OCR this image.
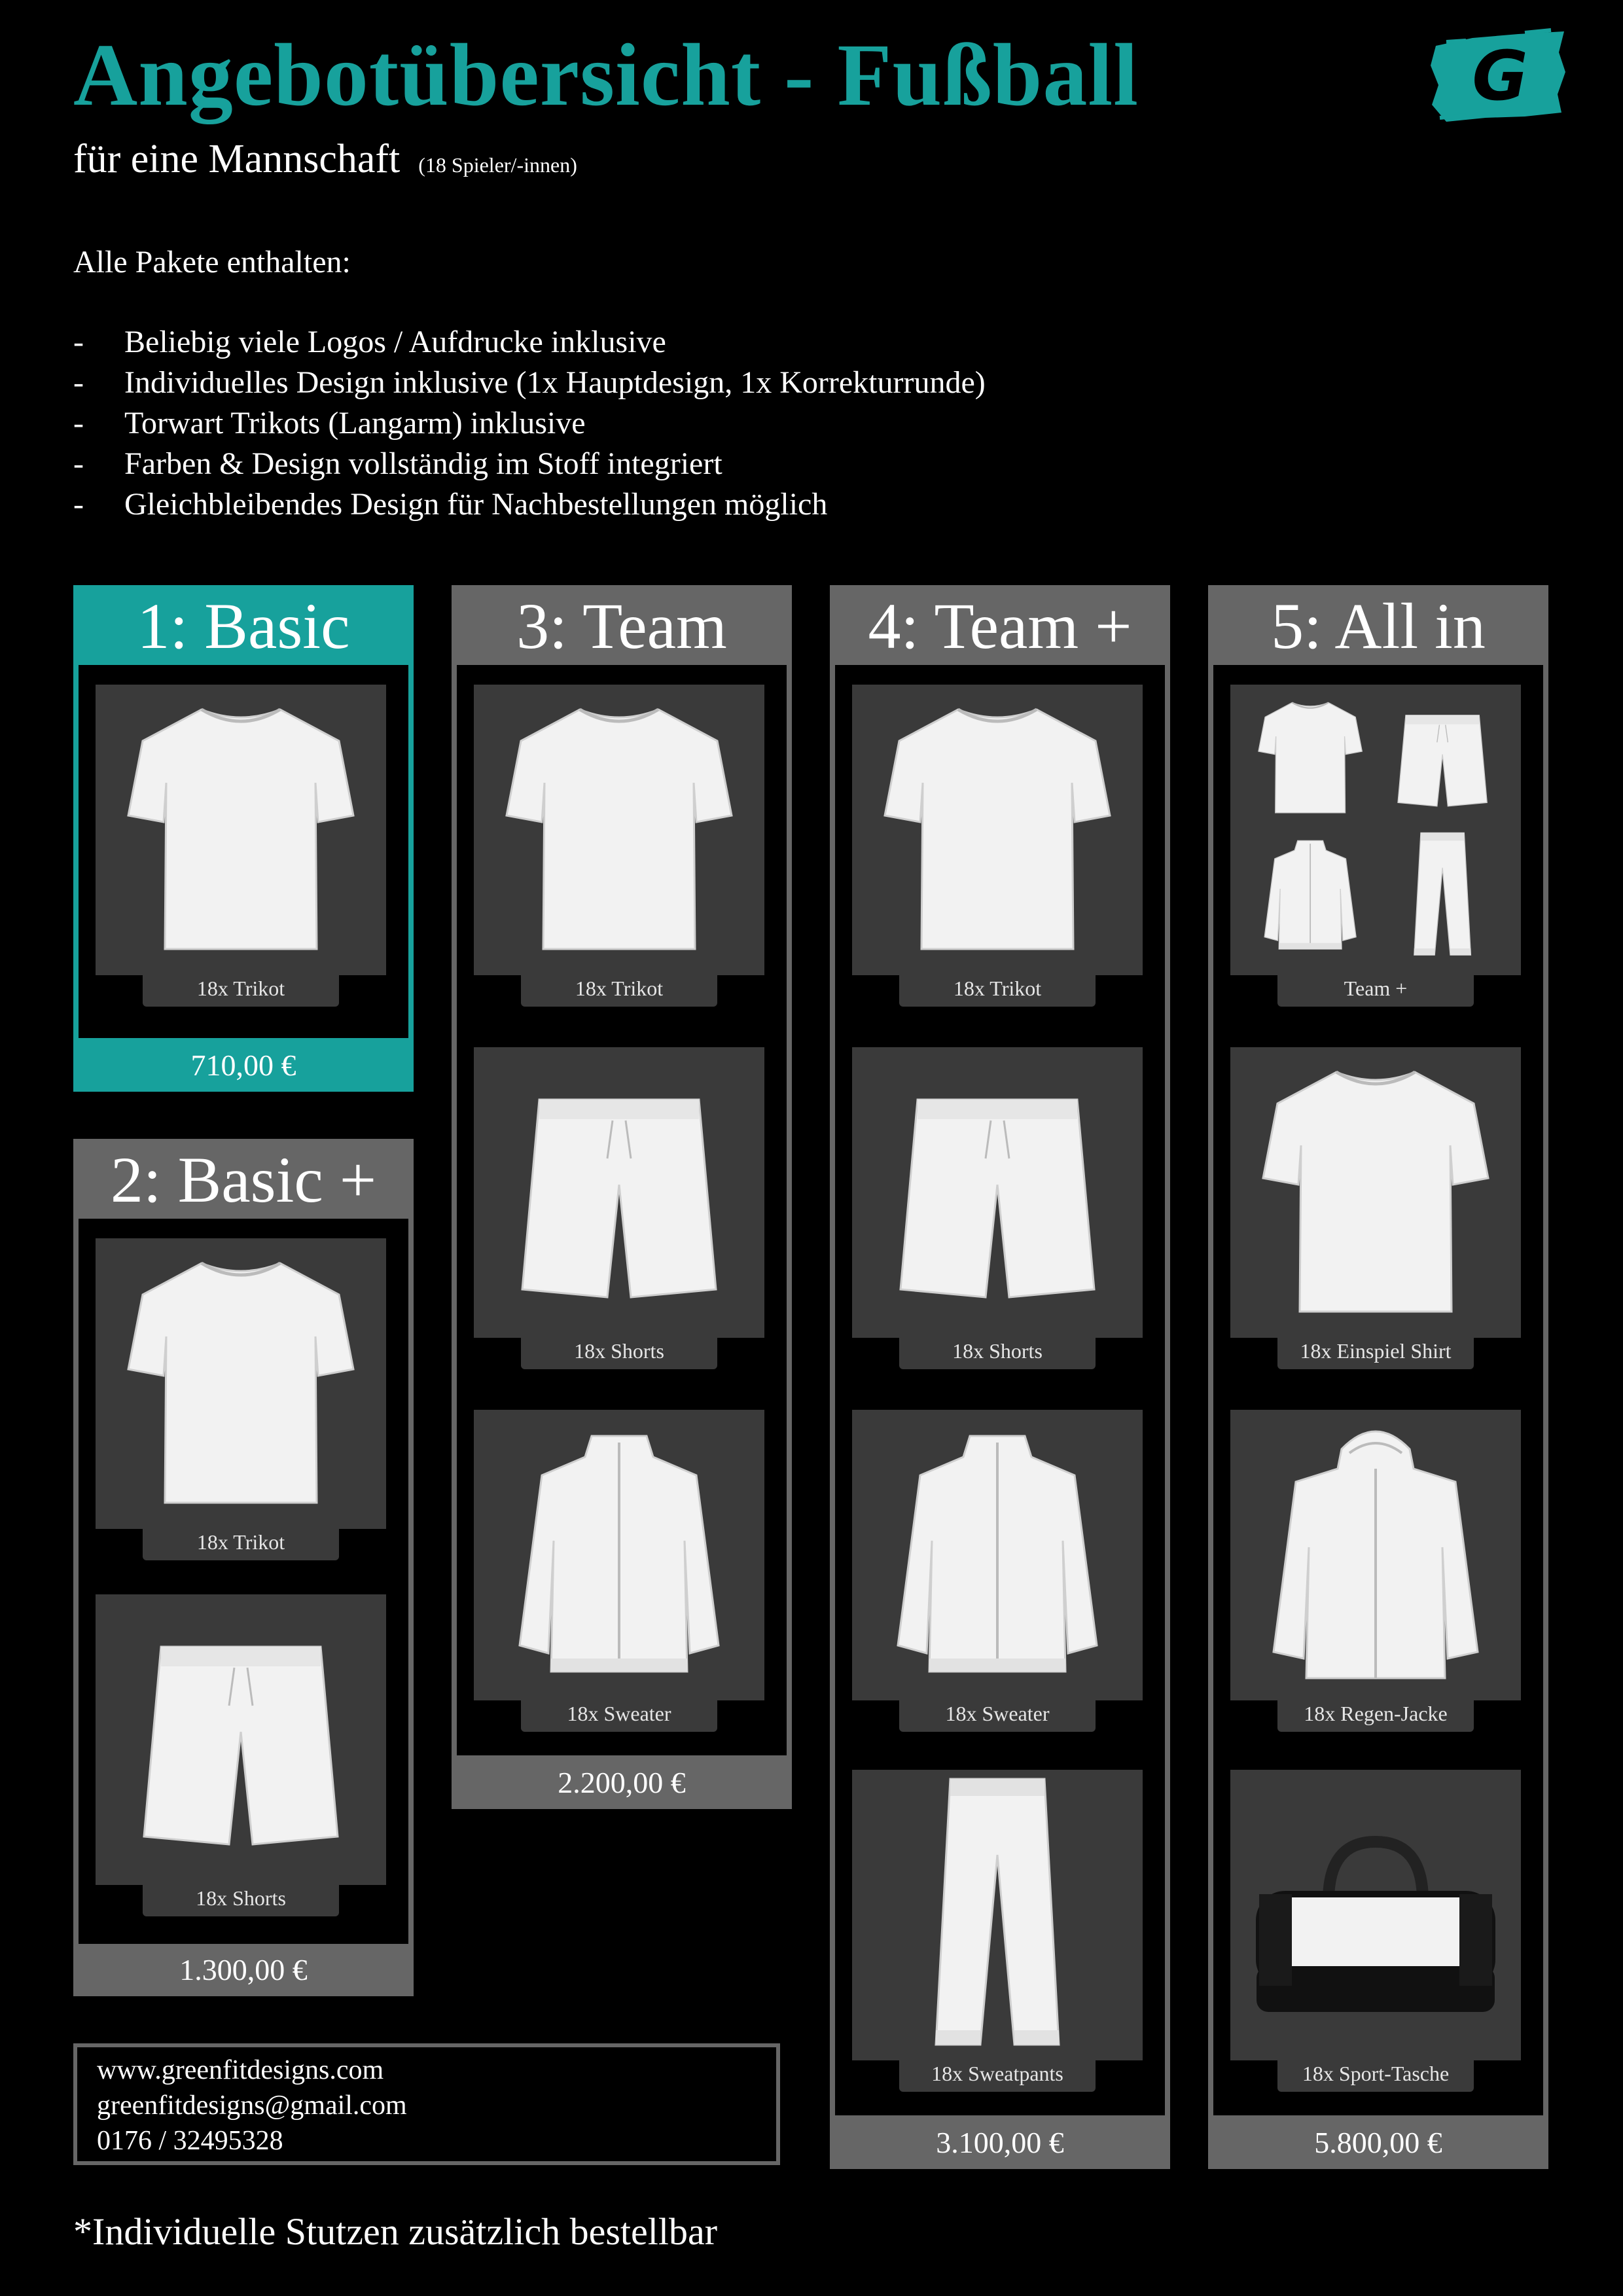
Angebotübersicht - Fußball
für eine Mannschaft (18 Spieler/-innen)
G
Alle Pakete enthalten:
-	Beliebig viele Logos / Aufdrucke inklusive
-	Individuelles Design inklusive (1x Hauptdesign, 1x Korrekturrunde)
-	Torwart Trikots (Langarm) inklusive
-	Farben & Design vollständig im Stoff integriert
-	Gleichbleibendes Design für Nachbestellungen möglich
1: Basic
18x Trikot
710,00 €
2: Basic +
18x Trikot
18x Shorts
1.300,00 €
3: Team
18x Trikot
18x Shorts
18x Sweater
2.200,00 €
4: Team +
18x Trikot
18x Shorts
18x Sweater
18x Sweatpants
3.100,00 €
5: All in
Team +
18x Einspiel Shirt
18x Regen-Jacke
18x Sport-Tasche
5.800,00 €
www.greenfitdesigns.com
greenfitdesigns@gmail.com
0176 / 32495328
*Individuelle Stutzen zusätzlich bestellbar
